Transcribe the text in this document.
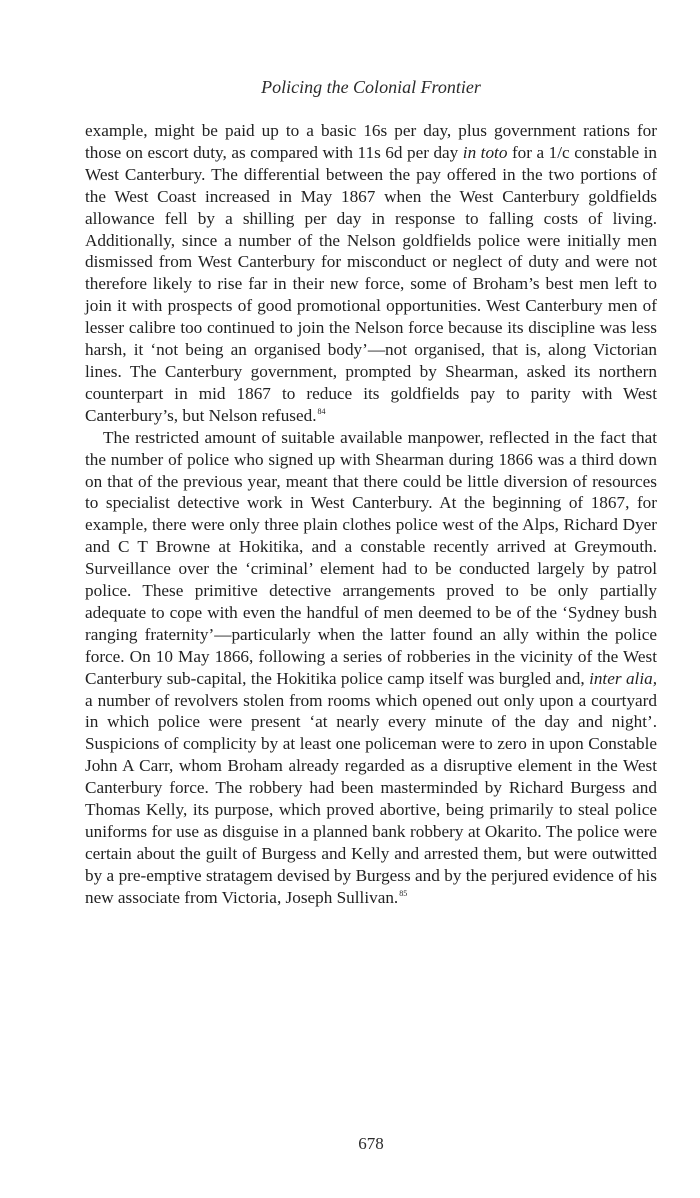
Policing the Colonial Frontier

example, might be paid up to a basic 16s per day, plus government rations for those on escort duty, as compared with 11s 6d per day in toto for a 1/c constable in West Canterbury. The differential between the pay offered in the two portions of the West Coast increased in May 1867 when the West Canterbury goldfields allowance fell by a shilling per day in response to falling costs of living. Additionally, since a number of the Nelson goldfields police were initially men dismissed from West Canterbury for misconduct or neglect of duty and were not therefore likely to rise far in their new force, some of Broham’s best men left to join it with prospects of good promotional opportunities. West Canterbury men of lesser calibre too continued to join the Nelson force because its discipline was less harsh, it ‘not being an organised body’—not organised, that is, along Victorian lines. The Canterbury government, prompted by Shearman, asked its northern counterpart in mid 1867 to reduce its goldfields pay to parity with West Canterbury’s, but Nelson refused.$^{84}$

The restricted amount of suitable available manpower, reflected in the fact that the number of police who signed up with Shearman during 1866 was a third down on that of the previous year, meant that there could be little diversion of resources to specialist detective work in West Canterbury. At the beginning of 1867, for example, there were only three plain clothes police west of the Alps, Richard Dyer and C T Browne at Hokitika, and a constable recently arrived at Greymouth. Surveillance over the ‘criminal’ element had to be conducted largely by patrol police. These primitive detective arrangements proved to be only partially adequate to cope with even the handful of men deemed to be of the ‘Sydney bush ranging fraternity’—particularly when the latter found an ally within the police force. On 10 May 1866, following a series of robberies in the vicinity of the West Canterbury sub-capital, the Hokitika police camp itself was burgled and, inter alia, a number of revolvers stolen from rooms which opened out only upon a courtyard in which police were present ‘at nearly every minute of the day and night’. Suspicions of complicity by at least one policeman were to zero in upon Constable John A Carr, whom Broham already regarded as a disruptive element in the West Canterbury force. The robbery had been masterminded by Richard Burgess and Thomas Kelly, its purpose, which proved abortive, being primarily to steal police uniforms for use as disguise in a planned bank robbery at Okarito. The police were certain about the guilt of Burgess and Kelly and arrested them, but were outwitted by a pre-emptive stratagem devised by Burgess and by the perjured evidence of his new associate from Victoria, Joseph Sullivan.$^{85}$

678
